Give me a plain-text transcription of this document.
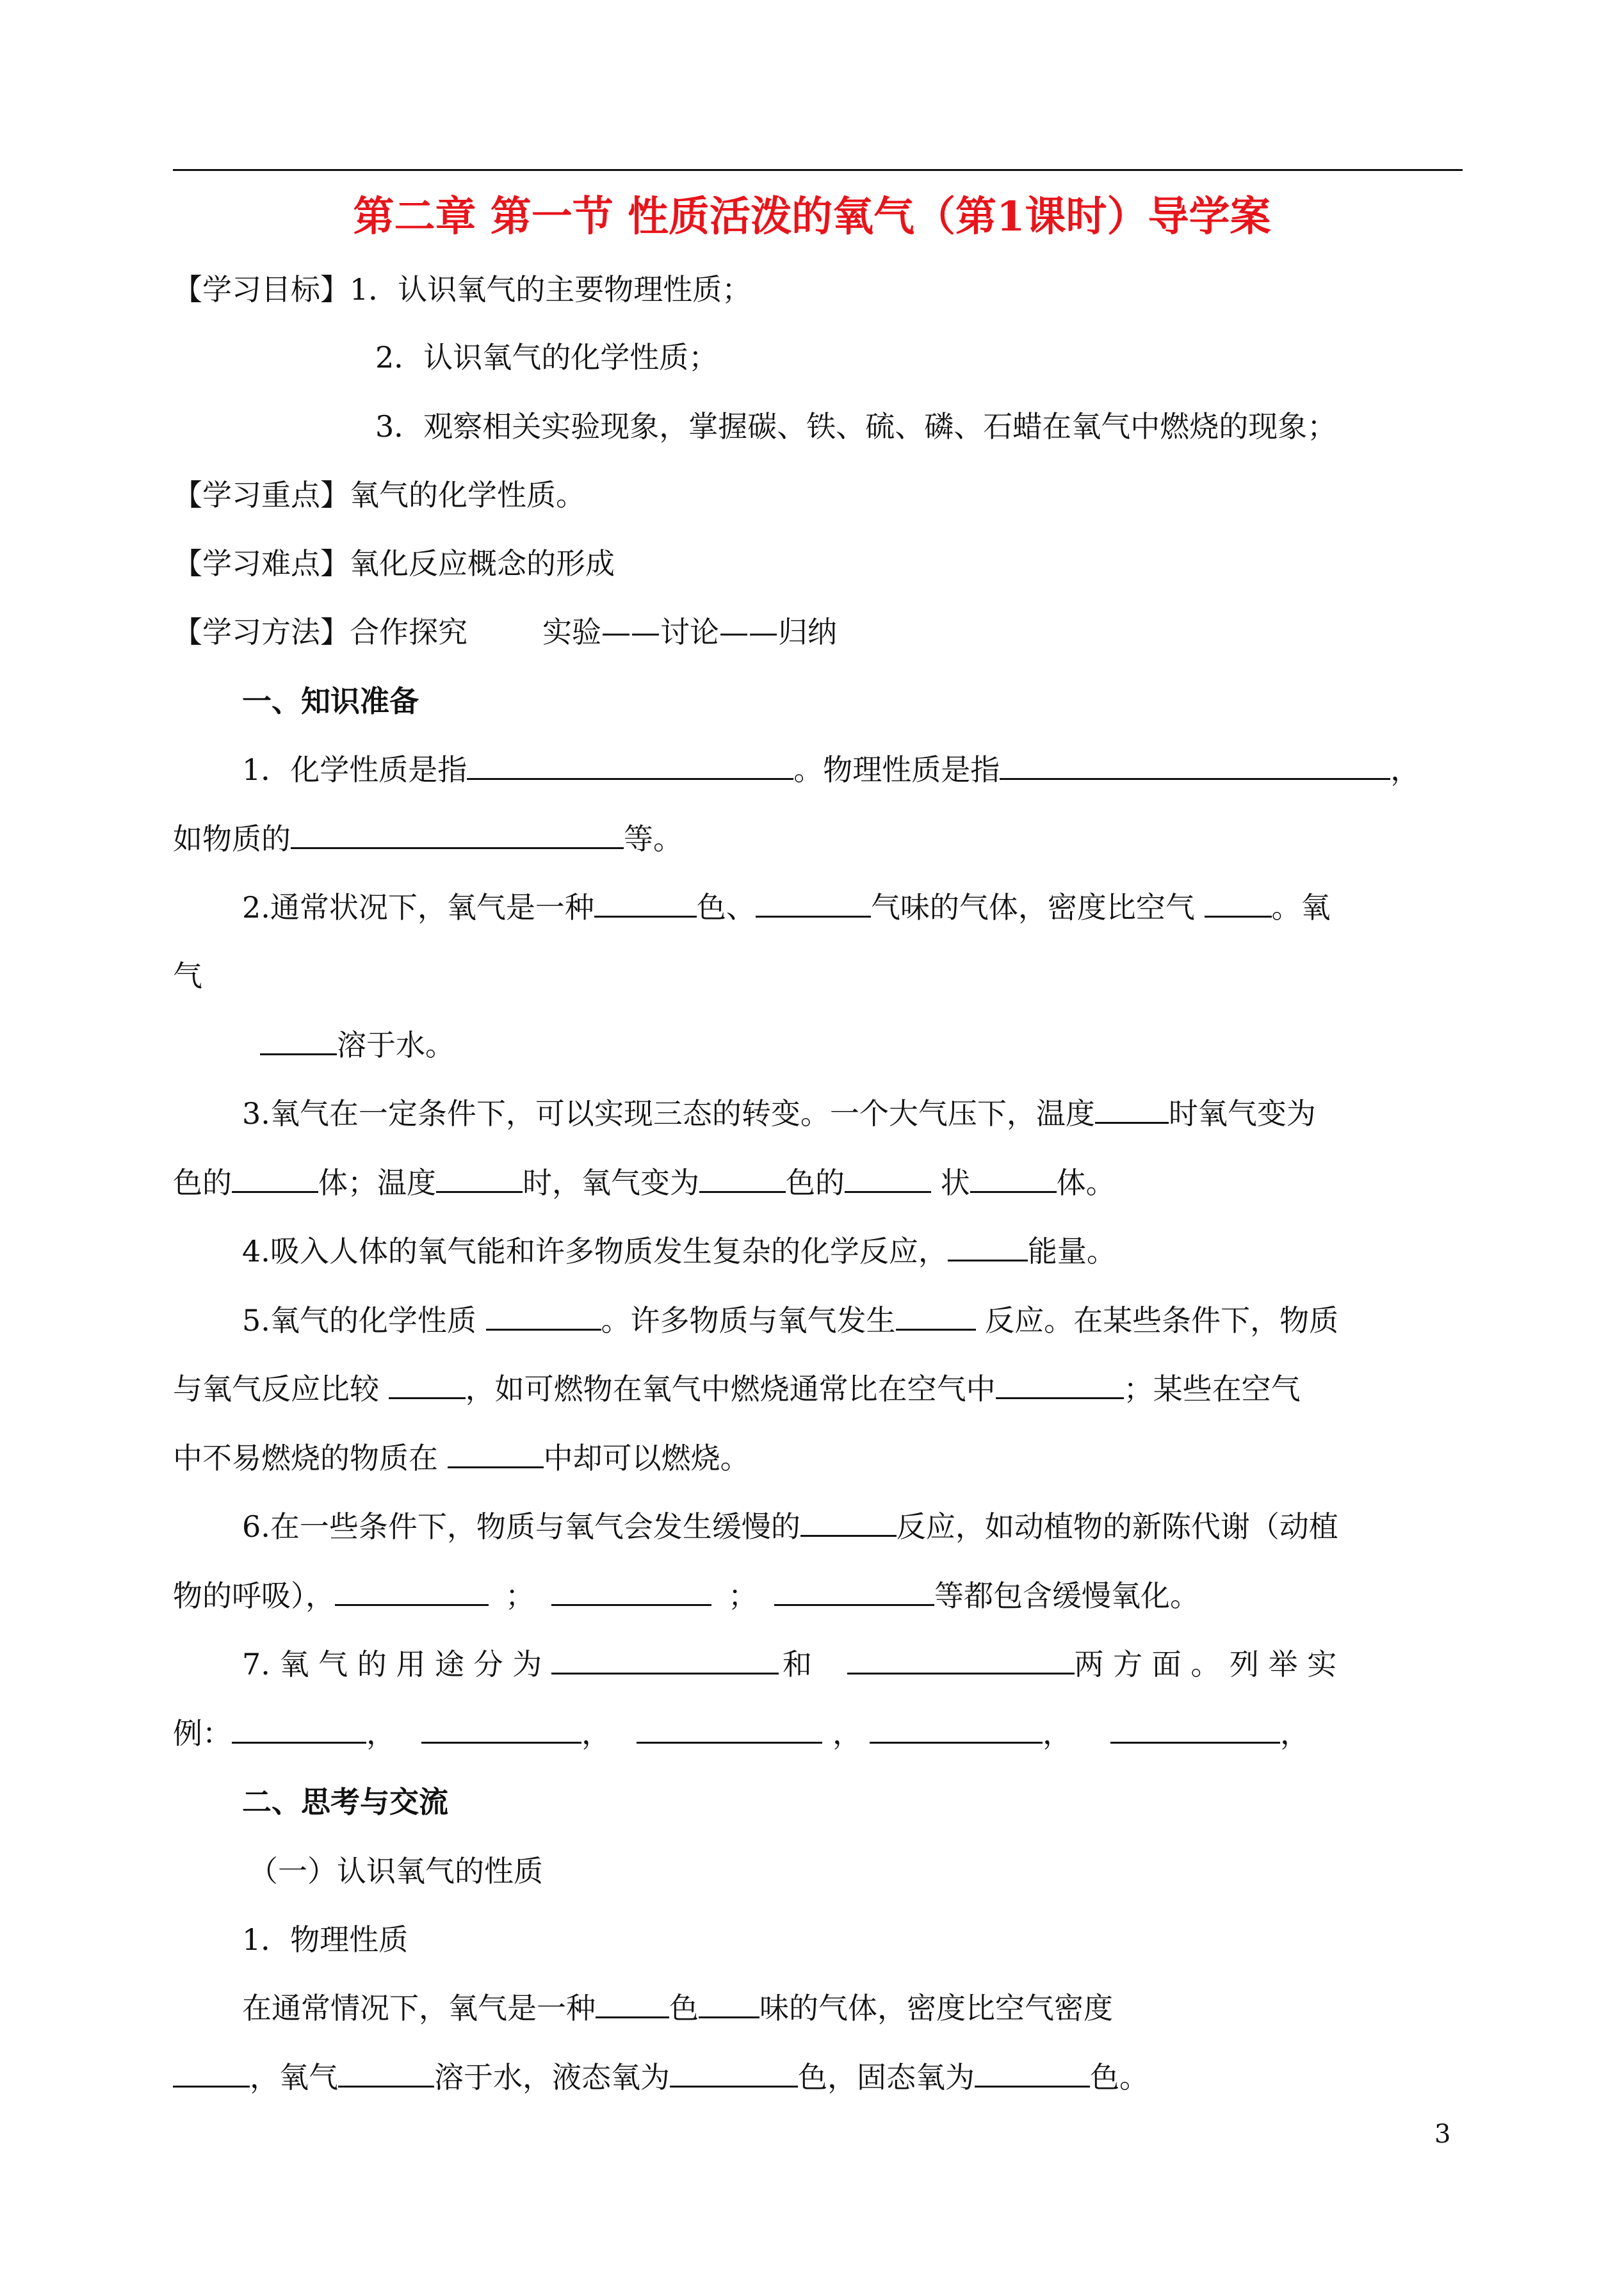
第二章 第一节 性质活泼的氧气（第1课时）导学案
【学习目标】1．认识氧气的主要物理性质；
2．认识氧气的化学性质；
3．观察相关实验现象，掌握碳、铁、硫、磷、石蜡在氧气中燃烧的现象；
【学习重点】氧气的化学性质。
【学习难点】氧化反应概念的形成
【学习方法】合作探究        实验——讨论——归纳
一、知识准备
1．化学性质是指	。物理性质是指	，
如物质的	等。
2.通常状况下，氧气是一种	色、	气味的气体，密度比空气 。氧
气
溶于水。
3.氧气在一定条件下，可以实现三态的转变。一个大气压下，温度	时氧气变为
色的	体；温度	时，氧气变为	色的	状	体。
4.吸入人体的氧气能和许多物质发生复杂的化学反应，	能量。
5.氧气的化学性质	。许多物质与氧气发生	反应。在某些条件下，物质
与氧气反应比较	，如可燃物在氧气中燃烧通常比在空气中	；某些在空气
中不易燃烧的物质在	中却可以燃烧。
6.在一些条件下，物质与氧气会发生缓慢的	反应，如动植物的新陈代谢（动植
物的呼吸），	；	；	等都包含缓慢氧化。
7. 氧 气 的 用 途 分 为	和	两 方 面 。 列 举 实
例：	，	，	，	，	，
二、思考与交流
（一）认识氧气的性质
1．物理性质
在通常情况下，氧气是一种	色 味的气体，密度比空气密度
，氧气	溶于水，液态氧为	色，固态氧为	色。
3
